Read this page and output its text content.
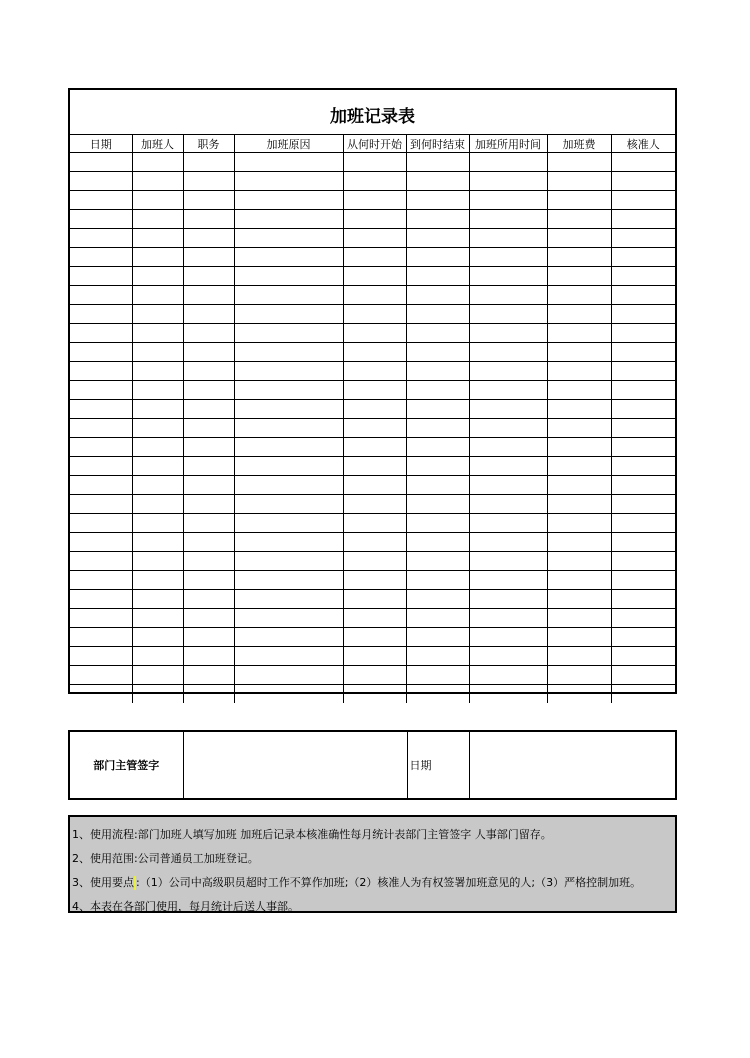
加班记录表								
日期	加班人	职务	加班原因	从何时开始	到何时结束	加班所用时间	加班费	核准人

部门主管签字		日期	
1、使用流程:部门加班人填写加班 加班后记录本核准确性每月统计表部门主管签字 人事部门留存。
2、使用范围:公司普通员工加班登记。
3、使用要点 :（1）公司中高级职员超时工作不算作加班;（2）核准人为有权签署加班意见的人;（3）严格控制加班。
4、本表在各部门使用，每月统计后送人事部。
